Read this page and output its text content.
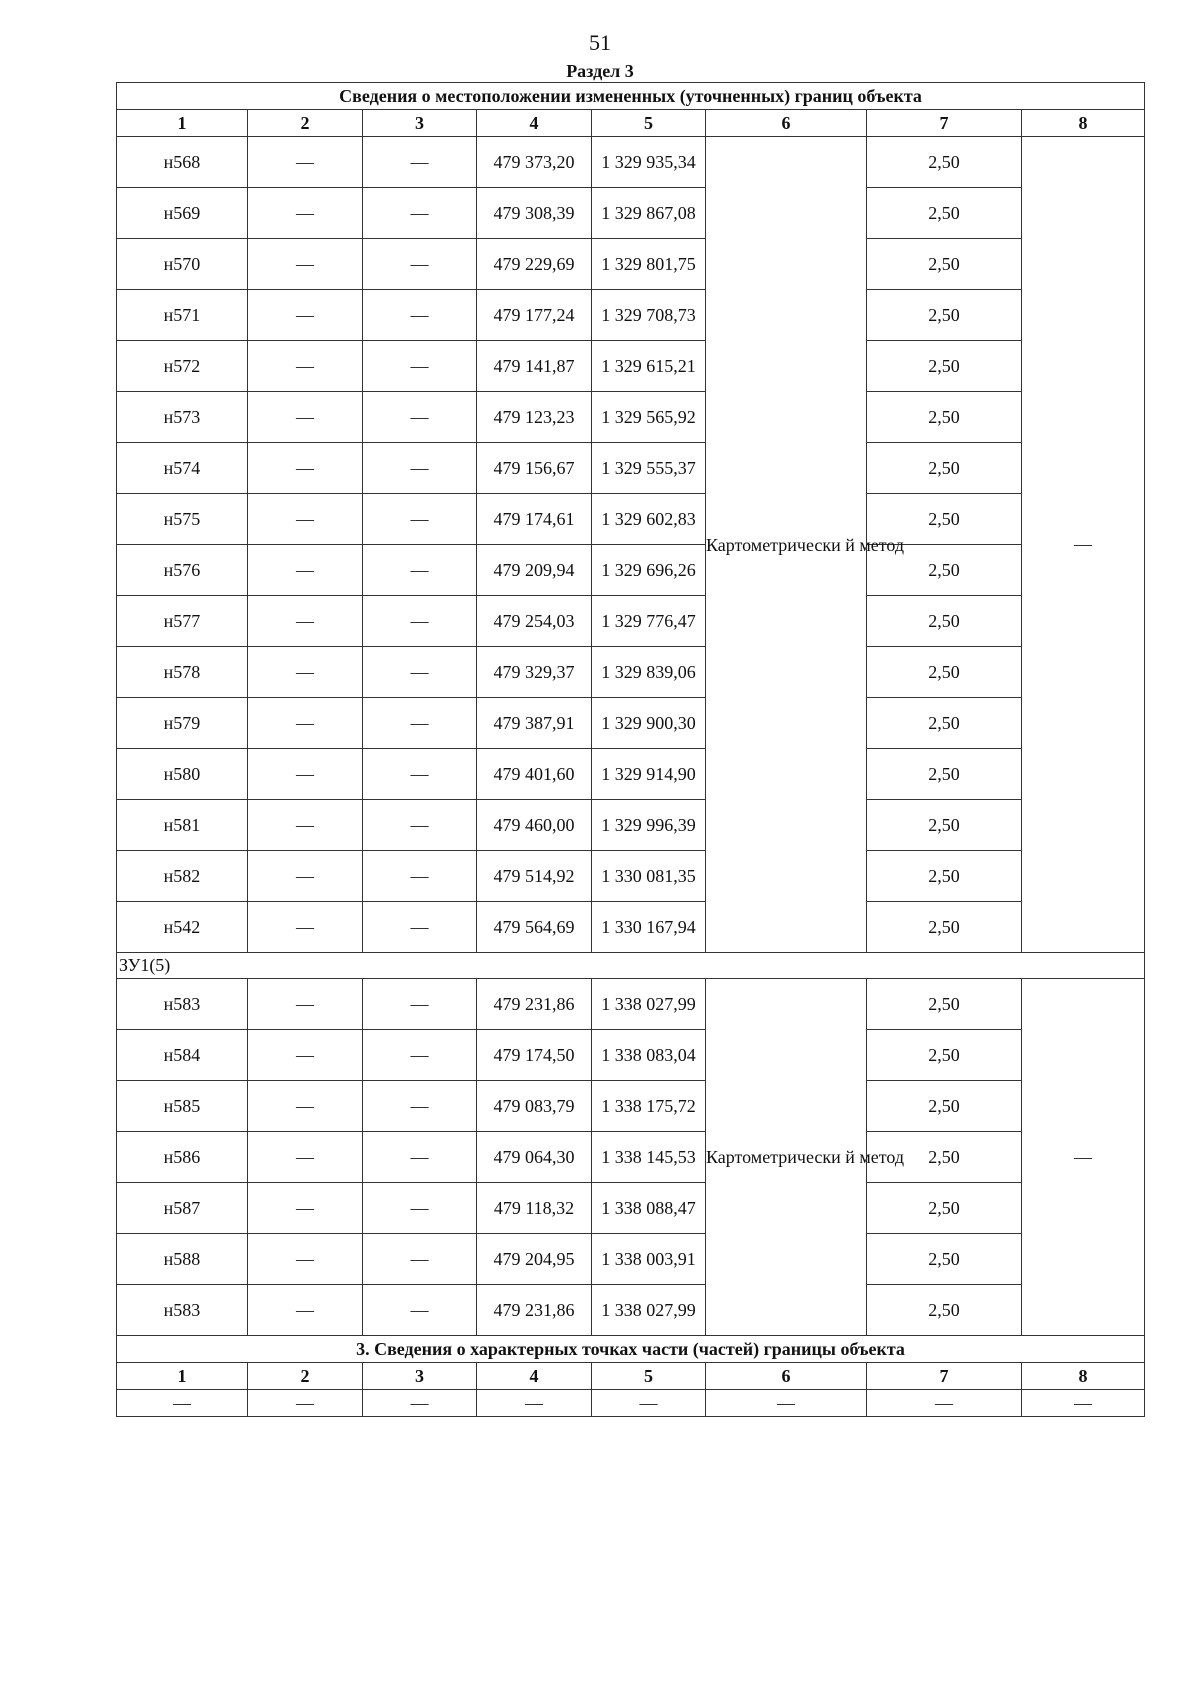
51
Раздел 3
Сведения о местоположении измененных (уточненных) границ объекта							
1	2	3	4	5	6	7	8
н568	—	—	479 373,20	1 329 935,34	Картометрически й метод	2,50	—
н569	—	—	479 308,39	1 329 867,08		2,50	
н570	—	—	479 229,69	1 329 801,75		2,50	
н571	—	—	479 177,24	1 329 708,73		2,50	
н572	—	—	479 141,87	1 329 615,21		2,50	
н573	—	—	479 123,23	1 329 565,92		2,50	
н574	—	—	479 156,67	1 329 555,37		2,50	
н575	—	—	479 174,61	1 329 602,83		2,50	
н576	—	—	479 209,94	1 329 696,26		2,50	
н577	—	—	479 254,03	1 329 776,47		2,50	
н578	—	—	479 329,37	1 329 839,06		2,50	
н579	—	—	479 387,91	1 329 900,30		2,50	
н580	—	—	479 401,60	1 329 914,90		2,50	
н581	—	—	479 460,00	1 329 996,39		2,50	
н582	—	—	479 514,92	1 330 081,35		2,50	
н542	—	—	479 564,69	1 330 167,94		2,50	
ЗУ1(5)							
н583	—	—	479 231,86	1 338 027,99	Картометрически й метод	2,50	—
н584	—	—	479 174,50	1 338 083,04		2,50	
н585	—	—	479 083,79	1 338 175,72		2,50	
н586	—	—	479 064,30	1 338 145,53		2,50	
н587	—	—	479 118,32	1 338 088,47		2,50	
н588	—	—	479 204,95	1 338 003,91		2,50	
н583	—	—	479 231,86	1 338 027,99		2,50	
3. Сведения о характерных точках части (частей) границы объекта							
1	2	3	4	5	6	7	8
—	—	—	—	—	—	—	—
